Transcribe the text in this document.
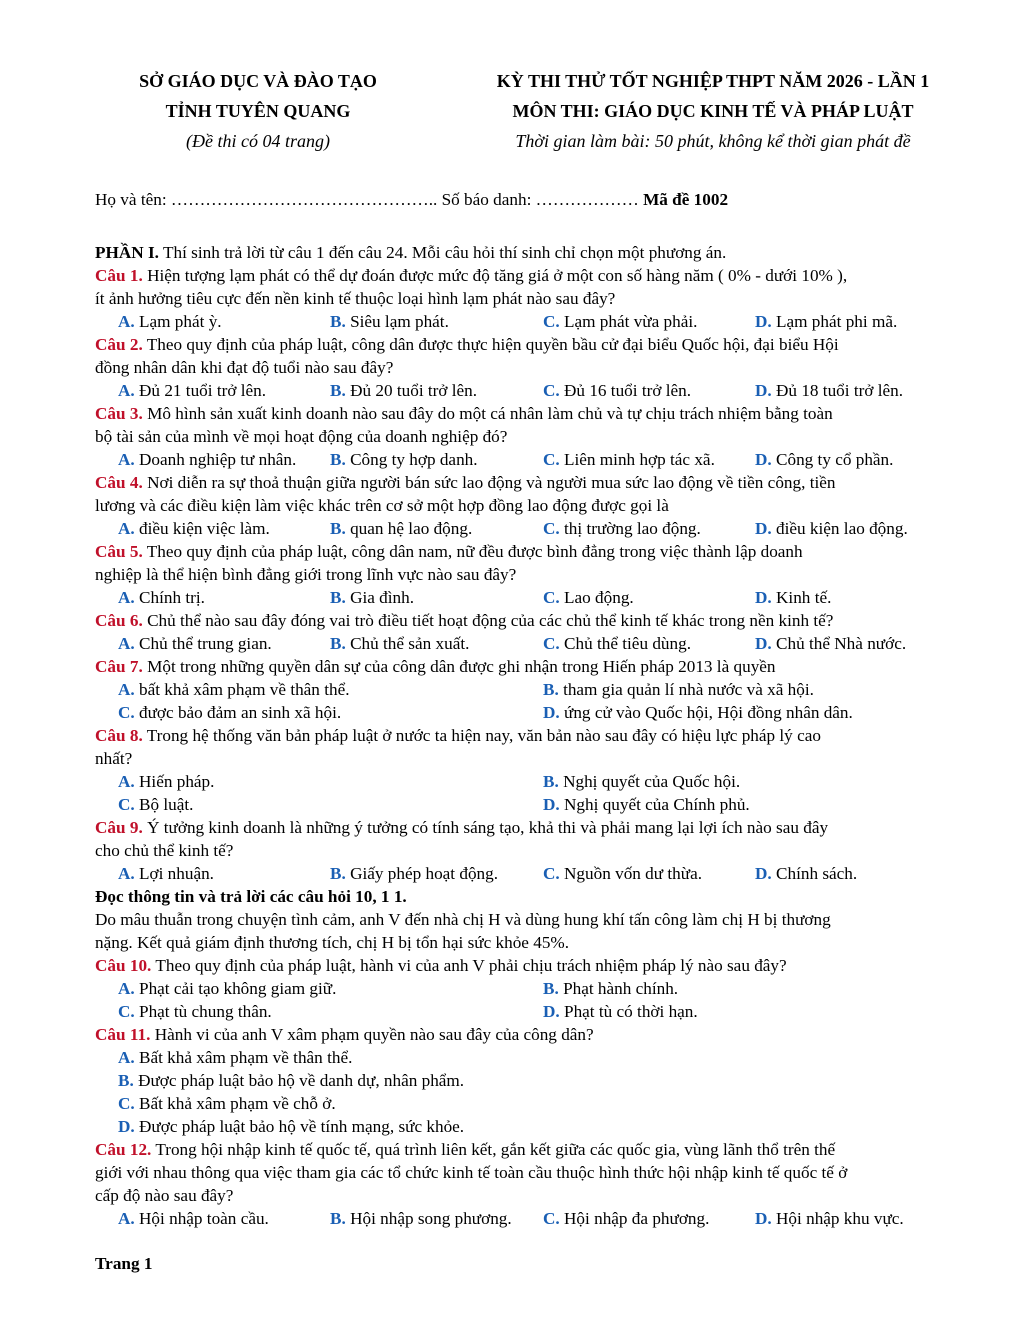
SỞ GIÁO DỤC VÀ ĐÀO TẠO
TỈNH TUYÊN QUANG
(Đề thi có 04 trang)
KỲ THI THỬ TỐT NGHIỆP THPT NĂM 2026 - LẦN 1
MÔN THI: GIÁO DỤC KINH TẾ VÀ PHÁP LUẬT
Thời gian làm bài: 50 phút, không kể thời gian phát đề
Họ và tên: ……………………………………….. Số báo danh: ……………… Mã đề 1002
PHẦN I. Thí sinh trả lời từ câu 1 đến câu 24. Mỗi câu hỏi thí sinh chỉ chọn một phương án.
Câu 1. Hiện tượng lạm phát có thể dự đoán được mức độ tăng giá ở một con số hàng năm ( 0% - dưới 10% ),
ít ảnh hưởng tiêu cực đến nền kinh tế thuộc loại hình lạm phát nào sau đây?
A. Lạm phát ỳ.	B. Siêu lạm phát.	C. Lạm phát vừa phải.	D. Lạm phát phi mã.
Câu 2. Theo quy định của pháp luật, công dân được thực hiện quyền bầu cử đại biểu Quốc hội, đại biểu Hội
đồng nhân dân khi đạt độ tuổi nào sau đây?
A. Đủ 21 tuổi trở lên.	B. Đủ 20 tuổi trở lên.	C. Đủ 16 tuổi trở lên.	D. Đủ 18 tuổi trở lên.
Câu 3. Mô hình sản xuất kinh doanh nào sau đây do một cá nhân làm chủ và tự chịu trách nhiệm bằng toàn
bộ tài sản của mình về mọi hoạt động của doanh nghiệp đó?
A. Doanh nghiệp tư nhân. B. Công ty hợp danh.	C. Liên minh hợp tác xã. D. Công ty cổ phần.
Câu 4. Nơi diễn ra sự thoả thuận giữa người bán sức lao động và người mua sức lao động về tiền công, tiền
lương và các điều kiện làm việc khác trên cơ sở một hợp đồng lao động được gọi là
A. điều kiện việc làm.	B. quan hệ lao động.	C. thị trường lao động.	D. điều kiện lao động.
Câu 5. Theo quy định của pháp luật, công dân nam, nữ đều được bình đẳng trong việc thành lập doanh
nghiệp là thể hiện bình đẳng giới trong lĩnh vực nào sau đây?
A. Chính trị.	B. Gia đình.	C. Lao động.	D. Kinh tế.
Câu 6. Chủ thể nào sau đây đóng vai trò điều tiết hoạt động của các chủ thể kinh tế khác trong nền kinh tế?
A. Chủ thể trung gian.	B. Chủ thể sản xuất.	C. Chủ thể tiêu dùng.	D. Chủ thể Nhà nước.
Câu 7. Một trong những quyền dân sự của công dân được ghi nhận trong Hiến pháp 2013 là quyền
A. bất khả xâm phạm về thân thể.	B. tham gia quản lí nhà nước và xã hội.
C. được bảo đảm an sinh xã hội.	D. ứng cử vào Quốc hội, Hội đồng nhân dân.
Câu 8. Trong hệ thống văn bản pháp luật ở nước ta hiện nay, văn bản nào sau đây có hiệu lực pháp lý cao
nhất?
A. Hiến pháp.	B. Nghị quyết của Quốc hội.
C. Bộ luật.	D. Nghị quyết của Chính phủ.
Câu 9. Ý tưởng kinh doanh là những ý tưởng có tính sáng tạo, khả thi và phải mang lại lợi ích nào sau đây
cho chủ thể kinh tế?
A. Lợi nhuận.	B. Giấy phép hoạt động.	C. Nguồn vốn dư thừa.	D. Chính sách.
Đọc thông tin và trả lời các câu hỏi 10, 1 1.
Do mâu thuẫn trong chuyện tình cảm, anh V đến nhà chị H và dùng hung khí tấn công làm chị H bị thương
nặng. Kết quả giám định thương tích, chị H bị tổn hại sức khỏe 45%.
Câu 10. Theo quy định của pháp luật, hành vi của anh V phải chịu trách nhiệm pháp lý nào sau đây?
A. Phạt cải tạo không giam giữ.	B. Phạt hành chính.
C. Phạt tù chung thân.	D. Phạt tù có thời hạn.
Câu 11. Hành vi của anh V xâm phạm quyền nào sau đây của công dân?
A. Bất khả xâm phạm về thân thể.
B. Được pháp luật bảo hộ về danh dự, nhân phẩm.
C. Bất khả xâm phạm về chỗ ở.
D. Được pháp luật bảo hộ về tính mạng, sức khỏe.
Câu 12. Trong hội nhập kinh tế quốc tế, quá trình liên kết, gắn kết giữa các quốc gia, vùng lãnh thổ trên thế
giới với nhau thông qua việc tham gia các tổ chức kinh tế toàn cầu thuộc hình thức hội nhập kinh tế quốc tế ở
cấp độ nào sau đây?
A. Hội nhập toàn cầu.	B. Hội nhập song phương. C. Hội nhập đa phương.	D. Hội nhập khu vực.
Trang 1
